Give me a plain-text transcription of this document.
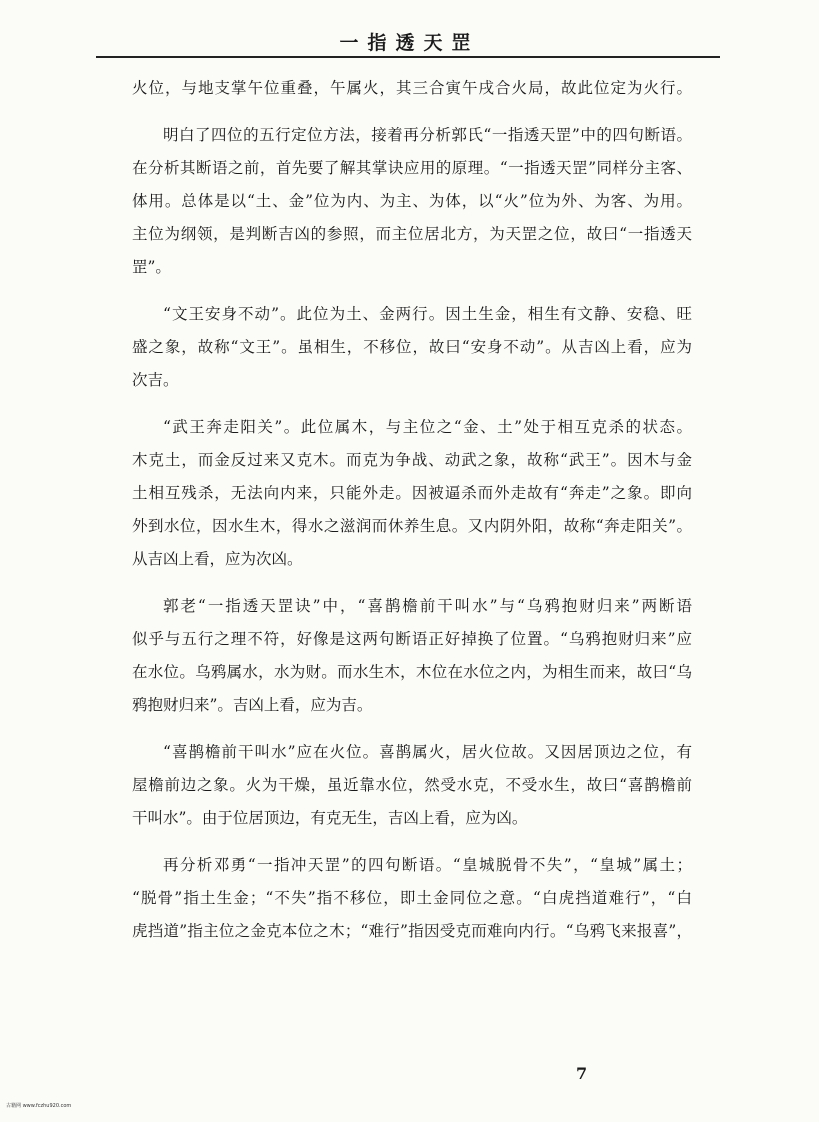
一指透天罡
火位，与地支掌午位重叠，午属火，其三合寅午戌合火局，故此位定为火行。
明白了四位的五行定位方法，接着再分析郭氏“一指透天罡”中的四句断语。
在分析其断语之前，首先要了解其掌诀应用的原理。“一指透天罡”同样分主客、
体用。总体是以“土、金”位为内、为主、为体，以“火”位为外、为客、为用。
主位为纲领，是判断吉凶的参照，而主位居北方，为天罡之位，故曰“一指透天
罡”。
“文王安身不动”。此位为土、金两行。因土生金，相生有文静、安稳、旺
盛之象，故称“文王”。虽相生，不移位，故曰“安身不动”。从吉凶上看，应为
次吉。
“武王奔走阳关”。此位属木，与主位之“金、土”处于相互克杀的状态。
木克土，而金反过来又克木。而克为争战、动武之象，故称“武王”。因木与金
土相互残杀，无法向内来，只能外走。因被逼杀而外走故有“奔走”之象。即向
外到水位，因水生木，得水之滋润而休养生息。又内阴外阳，故称“奔走阳关”。
从吉凶上看，应为次凶。
郭老“一指透天罡诀”中，“喜鹊檐前干叫水”与“乌鸦抱财归来”两断语
似乎与五行之理不符，好像是这两句断语正好掉换了位置。“乌鸦抱财归来”应
在水位。乌鸦属水，水为财。而水生木，木位在水位之内，为相生而来，故曰“乌
鸦抱财归来”。吉凶上看，应为吉。
“喜鹊檐前干叫水”应在火位。喜鹊属火，居火位故。又因居顶边之位，有
屋檐前边之象。火为干燥，虽近靠水位，然受水克，不受水生，故曰“喜鹊檐前
干叫水”。由于位居顶边，有克无生，吉凶上看，应为凶。
再分析邓勇“一指冲天罡”的四句断语。“皇城脱骨不失”，“皇城”属土；
“脱骨”指土生金；“不失”指不移位，即土金同位之意。“白虎挡道难行”，“白
虎挡道”指主位之金克本位之木；“难行”指因受克而难向内行。“乌鸦飞来报喜”，
7
古籍网 www.fczhu920.com
